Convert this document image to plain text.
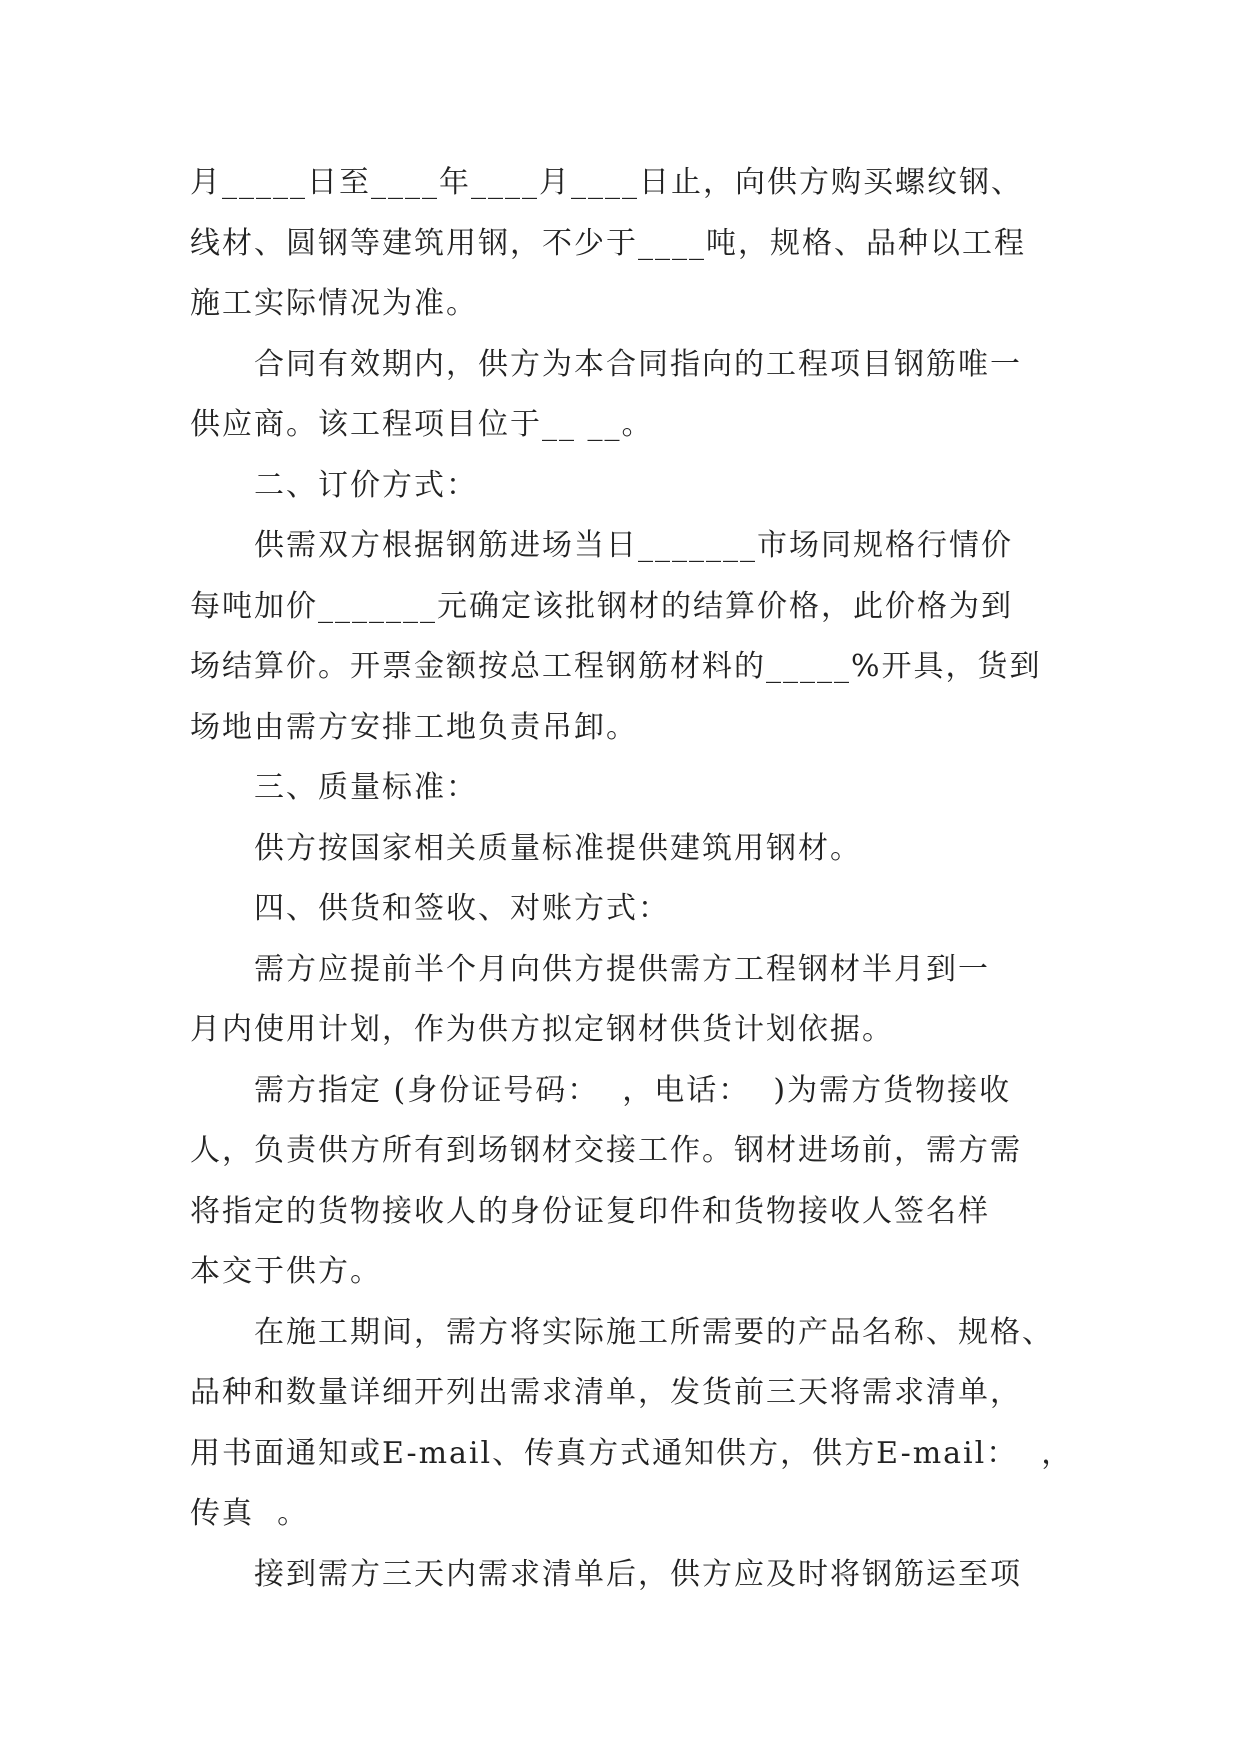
月_____日至____年____月____日止，向供方购买螺纹钢、
线材、圆钢等建筑用钢，不少于____吨，规格、品种以工程
施工实际情况为准。
合同有效期内，供方为本合同指向的工程项目钢筋唯一
供应商。该工程项目位于__ __。
二、订价方式：
供需双方根据钢筋进场当日_______市场同规格行情价
每吨加价_______元确定该批钢材的结算价格，此价格为到
场结算价。开票金额按总工程钢筋材料的_____%开具，货到
场地由需方安排工地负责吊卸。
三、质量标准：
供方按国家相关质量标准提供建筑用钢材。
四、供货和签收、对账方式：
需方应提前半个月向供方提供需方工程钢材半月到一
月内使用计划，作为供方拟定钢材供货计划依据。
需方指定 (身份证号码：  ，电话：  )为需方货物接收
人，负责供方所有到场钢材交接工作。钢材进场前，需方需
将指定的货物接收人的身份证复印件和货物接收人签名样
本交于供方。
在施工期间，需方将实际施工所需要的产品名称、规格、
品种和数量详细开列出需求清单，发货前三天将需求清单，
用书面通知或E-mail、传真方式通知供方，供方E-mail：  ，
传真  。
接到需方三天内需求清单后，供方应及时将钢筋运至项
